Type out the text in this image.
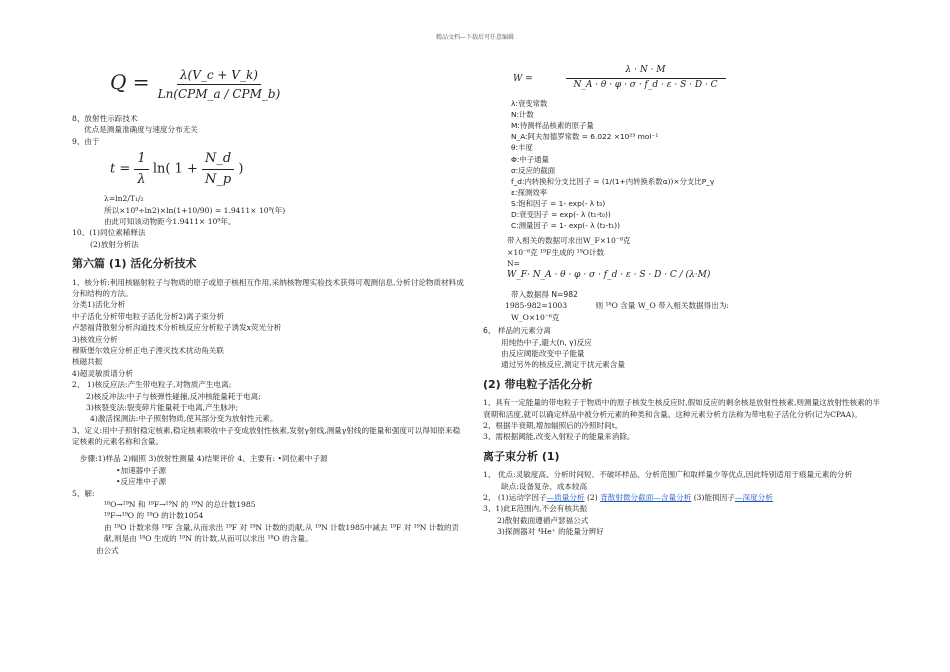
精品文档---下载后可任意编辑
$Q = \frac{\lambda(V\_c + V\_k)}{\text{Ln(CPM\_a / CPM\_b)}}$
8、放射性示踪技术
优点是测量准确度与速度分布无关
9、由于
$t = \frac{1}{\lambda} \ln$( $1 + \frac{N\_d}{N\_p}$ )
λ=ln2/T₁/₂
所以×10⁹÷ln2)×ln(1+10/90) = 1.9411× 10⁹(年)
由此可知该动物距今1.9411× 10⁹年。
10、(1)同位素稀释法
(2)放射分析法
第六篇 (1) 活化分析技术
1、核分析:利用核辐射粒子与物质的原子或原子核相互作用,采纳核物理实验技术获得可观测信息,分析讨论物质材料成分和结构的方法。
分类1)活化分析
中子活化分析带电粒子活化分析2)离子束分析
卢瑟福背散射分析沟道技术分析核反应分析粒子诱发x荧光分析
3)核效应分析
穆斯堡尔效应分析正电子湮灭技术扰动角关联
核磁共振
4)超灵敏质谱分析
2、 1)核反应法:产生带电粒子,对物质产生电离;
2)核反冲法:中子与核弹性碰撞,反冲核能量耗于电离;
3)核裂变法:裂变碎片能量耗于电离,产生脉冲;
4)激活探测法:中子照射物质,使其部分变为放射性元素。
3、定义:用中子照射稳定核素,稳定核素吸收中子变成放射性核素,发射γ射线,测量γ射线的能量和强度可以得知原来稳定核素的元素名称和含量。
步骤:1)样品 2)辐照 3)放射性测量 4)结果评价 4、主要有: •同位素中子源
•加速器中子源
•反应堆中子源
5、解:
¹⁸O→¹⁹N 和 ¹⁹F→¹⁹N 的 ¹⁹N 的总计数1985
¹⁹F→¹⁹O 的 ¹⁹O 的计数1054
由 ¹⁹O 计数求得 ¹⁹F 含量,从而求出 ¹⁹F 对 ¹⁹N 计数的贡献,从 ¹⁹N 计数1985中减去 ¹⁹F 对 ¹⁹N 计数的贡献,则是由 ¹⁸O 生成的 ¹⁹N 的计数,从而可以求出 ¹⁸O 的含量。
由公式
W =	$\frac{\lambda \cdot N \cdot M}{N\_A \cdot \theta \cdot \varphi \cdot \sigma \cdot f\_d \cdot \varepsilon \cdot S \cdot D \cdot C}$
λ:衰变常数
N:计数
M:待测样品核素的原子量
N_A:阿夫加德罗常数 = 6.022 ×10²³ mol⁻¹
θ:丰度
Φ:中子通量
σ:反应的截面
f_d:内转换和分支比因子 = (1/(1+内转换系数α))×分支比P_γ
ε:探测效率
S:饱和因子 = 1- exp(- λ t₀)
D:衰变因子 = exp(- λ (t₁-t₀))
C:测量因子 = 1- exp(- λ (t₂-t₁))
带入相关的数据可求出W_F×10⁻⁸克
×10⁻⁸克 ¹⁹F生成的 ¹⁹O计数
N=
W_F· N_A · θ · φ · σ · f_d · ε · S · D · C / (λ·M)
带入数据得 N=982
1985-982=1003	则 ¹⁸O 含量 W_O 带入相关数据得出为:
W_O×10⁻⁶克
6、 样品的元素分离
用纯热中子,避大(n, γ)反应
由反应阈能改变中子能量
通过另外的核反应,测定干扰元素含量
(2) 带电粒子活化分析
1、具有一定能量的带电粒子于物质中的原子核发生核反应时,假如反应的剩余核是放射性核素,则测量这放射性核素的半衰期和活度,就可以确定样品中被分析元素的种类和含量。这种元素分析方法称为带电粒子活化分析(记为CPAA)。
2、根据半衰期,增加辐照后的冷照时间t。
3、需根据阈能,改变入射粒子的能量来消除。
离子束分析 (1)
1、 优点:灵敏度高、分析时间短、不破坏样品、分析范围广和取样量少等优点,因此特别适用于痕量元素的分析
缺点:设备复杂、成本较高
2、 (1)运动学因子—质量分析 (2) 背散射微分截面—含量分析 (3)能损因子—深度分析
3、1)此E范围内,不会有核共振
2)散射截面遵循卢瑟福公式
3)探测器对 ⁴He⁺ 的能量分辨好
